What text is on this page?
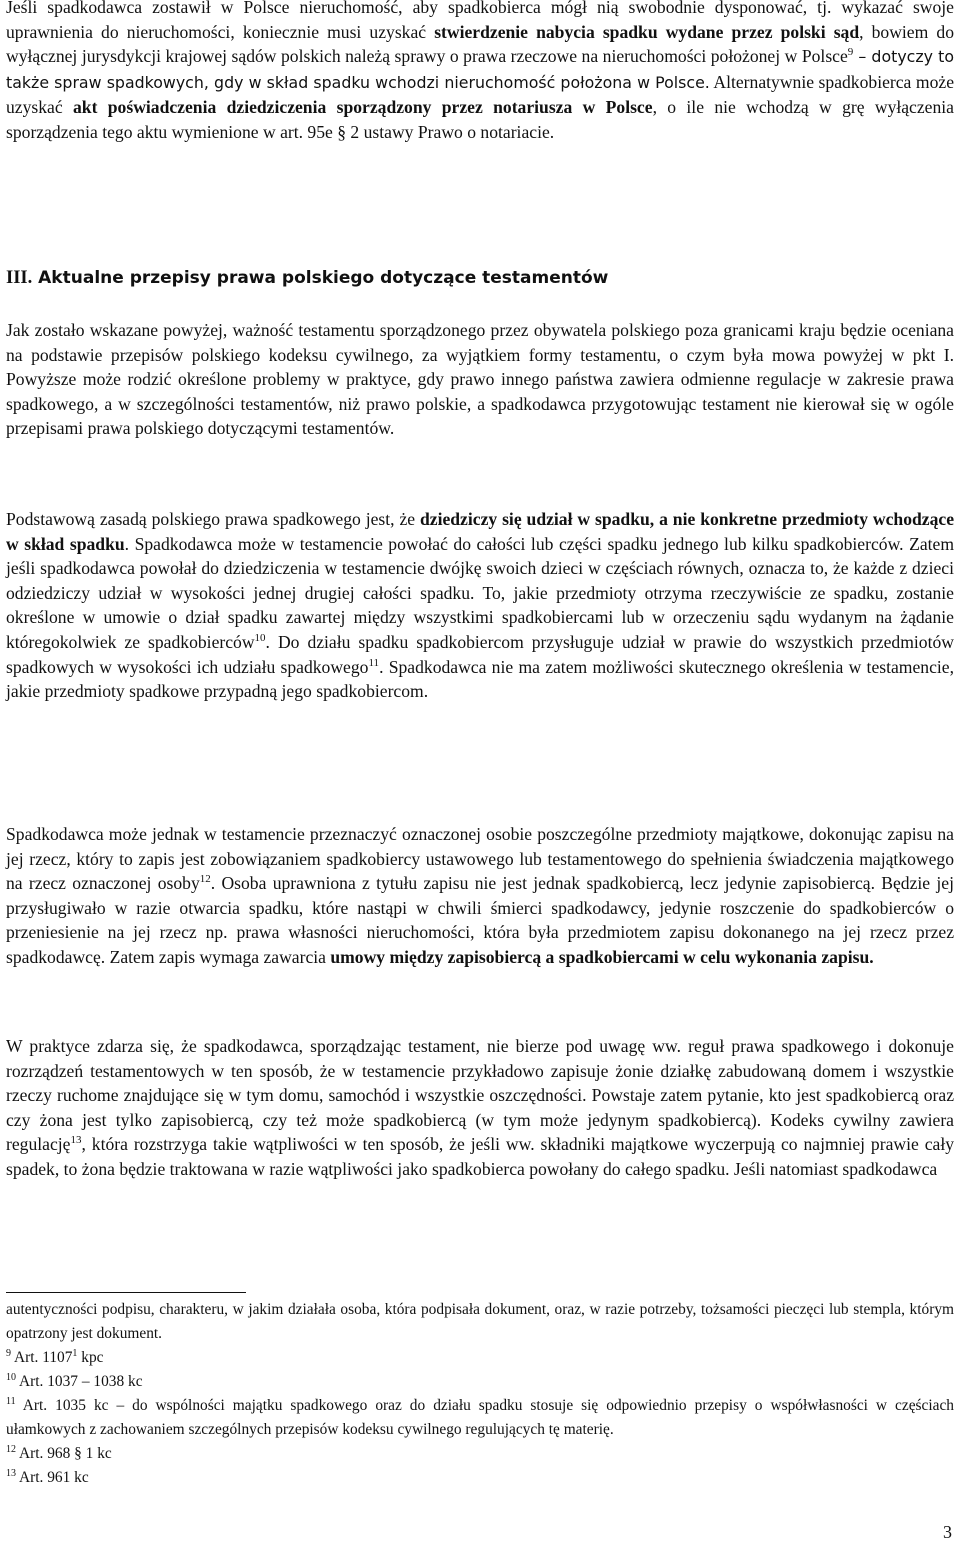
Jeśli spadkodawca zostawił w Polsce nieruchomość, aby spadkobierca mógł nią swobodnie dysponować, tj. wykazać swoje uprawnienia do nieruchomości, koniecznie musi uzyskać stwierdzenie nabycia spadku wydane przez polski sąd, bowiem do wyłącznej jurysdykcji krajowej sądów polskich należą sprawy o prawa rzeczowe na nieruchomości położonej w Polsce$^9$ – dotyczy to także spraw spadkowych, gdy w skład spadku wchodzi nieruchomość położona w Polsce. Alternatywnie spadkobierca może uzyskać akt poświadczenia dziedziczenia sporządzony przez notariusza w Polsce, o ile nie wchodzą w grę wyłączenia sporządzenia tego aktu wymienione w art. 95e § 2 ustawy Prawo o notariacie.

III. Aktualne przepisy prawa polskiego dotyczące testamentów

Jak zostało wskazane powyżej, ważność testamentu sporządzonego przez obywatela polskiego poza granicami kraju będzie oceniana na podstawie przepisów polskiego kodeksu cywilnego, za wyjątkiem formy testamentu, o czym była mowa powyżej w pkt I. Powyższe może rodzić określone problemy w praktyce, gdy prawo innego państwa zawiera odmienne regulacje w zakresie prawa spadkowego, a w szczególności testamentów, niż prawo polskie, a spadkodawca przygotowując testament nie kierował się w ogóle przepisami prawa polskiego dotyczącymi testamentów.

Podstawową zasadą polskiego prawa spadkowego jest, że dziedziczy się udział w spadku, a nie konkretne przedmioty wchodzące w skład spadku. Spadkodawca może w testamencie powołać do całości lub części spadku jednego lub kilku spadkobierców. Zatem jeśli spadkodawca powołał do dziedziczenia w testamencie dwójkę swoich dzieci w częściach równych, oznacza to, że każde z dzieci odziedziczy udział w wysokości jednej drugiej całości spadku. To, jakie przedmioty otrzyma rzeczywiście ze spadku, zostanie określone w umowie o dział spadku zawartej między wszystkimi spadkobiercami lub w orzeczeniu sądu wydanym na żądanie któregokolwiek ze spadkobierców$^{10}$. Do działu spadku spadkobiercom przysługuje udział w prawie do wszystkich przedmiotów spadkowych w wysokości ich udziału spadkowego$^{11}$. Spadkodawca nie ma zatem możliwości skutecznego określenia w testamencie, jakie przedmioty spadkowe przypadną jego spadkobiercom.

Spadkodawca może jednak w testamencie przeznaczyć oznaczonej osobie poszczególne przedmioty majątkowe, dokonując zapisu na jej rzecz, który to zapis jest zobowiązaniem spadkobiercy ustawowego lub testamentowego do spełnienia świadczenia majątkowego na rzecz oznaczonej osoby$^{12}$. Osoba uprawniona z tytułu zapisu nie jest jednak spadkobiercą, lecz jedynie zapisobiercą. Będzie jej przysługiwało w razie otwarcia spadku, które nastąpi w chwili śmierci spadkodawcy, jedynie roszczenie do spadkobierców o przeniesienie na jej rzecz np. prawa własności nieruchomości, która była przedmiotem zapisu dokonanego na jej rzecz przez spadkodawcę. Zatem zapis wymaga zawarcia umowy między zapisobiercą a spadkobiercami w celu wykonania zapisu.

W praktyce zdarza się, że spadkodawca, sporządzając testament, nie bierze pod uwagę ww. reguł prawa spadkowego i dokonuje rozrządzeń testamentowych w ten sposób, że w testamencie przykładowo zapisuje żonie działkę zabudowaną domem i wszystkie rzeczy ruchome znajdujące się w tym domu, samochód i wszystkie oszczędności. Powstaje zatem pytanie, kto jest spadkobiercą oraz czy żona jest tylko zapisobiercą, czy też może spadkobiercą (w tym może jedynym spadkobiercą). Kodeks cywilny zawiera regulację$^{13}$, która rozstrzyga takie wątpliwości w ten sposób, że jeśli ww. składniki majątkowe wyczerpują co najmniej prawie cały spadek, to żona będzie traktowana w razie wątpliwości jako spadkobierca powołany do całego spadku. Jeśli natomiast spadkodawca

autentyczności podpisu, charakteru, w jakim działała osoba, która podpisała dokument, oraz, w razie potrzeby, tożsamości pieczęci lub stempla, którym opatrzony jest dokument.

$^9$ Art. 1107$^1$ kpc

$^{10}$ Art. 1037 – 1038 kc

$^{11}$ Art. 1035 kc – do wspólności majątku spadkowego oraz do działu spadku stosuje się odpowiednio przepisy o współwłasności w częściach ułamkowych z zachowaniem szczególnych przepisów kodeksu cywilnego regulujących tę materię.

$^{12}$ Art. 968 § 1 kc

$^{13}$ Art. 961 kc

3
